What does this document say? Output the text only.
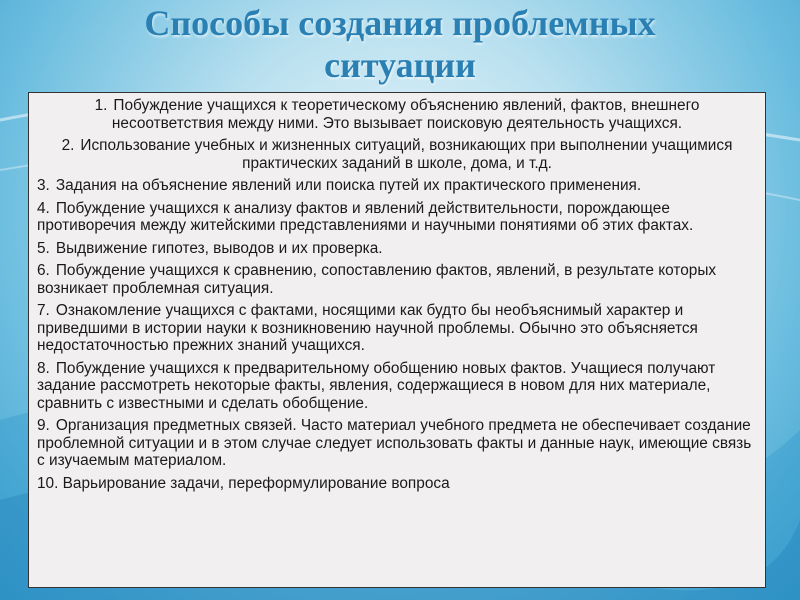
Способы создания проблемных
ситуации
1. Побуждение учащихся к теоретическому объяснению явлений, фактов, внешнего несоответствия между ними. Это вызывает поисковую деятельность учащихся.
2. Использование учебных и жизненных ситуаций, возникающих при выполнении учащимися практических заданий в школе, дома, и т.д.
3. Задания на объяснение явлений или поиска путей их практического применения.
4. Побуждение учащихся к анализу фактов и явлений действительности, порождающее противоречия между житейскими представлениями и научными понятиями об этих фактах.
5. Выдвижение гипотез, выводов и их проверка.
6. Побуждение учащихся к сравнению, сопоставлению фактов, явлений, в результате которых возникает проблемная ситуация.
7. Ознакомление учащихся с фактами, носящими как будто бы необъяснимый характер и приведшими в истории науки к возникновению научной проблемы. Обычно это объясняется недостаточностью прежних знаний учащихся.
8. Побуждение учащихся к предварительному обобщению новых фактов. Учащиеся получают задание рассмотреть некоторые факты, явления, содержащиеся в новом для них материале, сравнить с известными и сделать обобщение.
9. Организация предметных связей. Часто материал учебного предмета не обеспечивает создание проблемной ситуации и в этом случае следует использовать факты и данные наук, имеющие связь с изучаемым материалом.
10. Варьирование задачи, переформулирование вопроса
